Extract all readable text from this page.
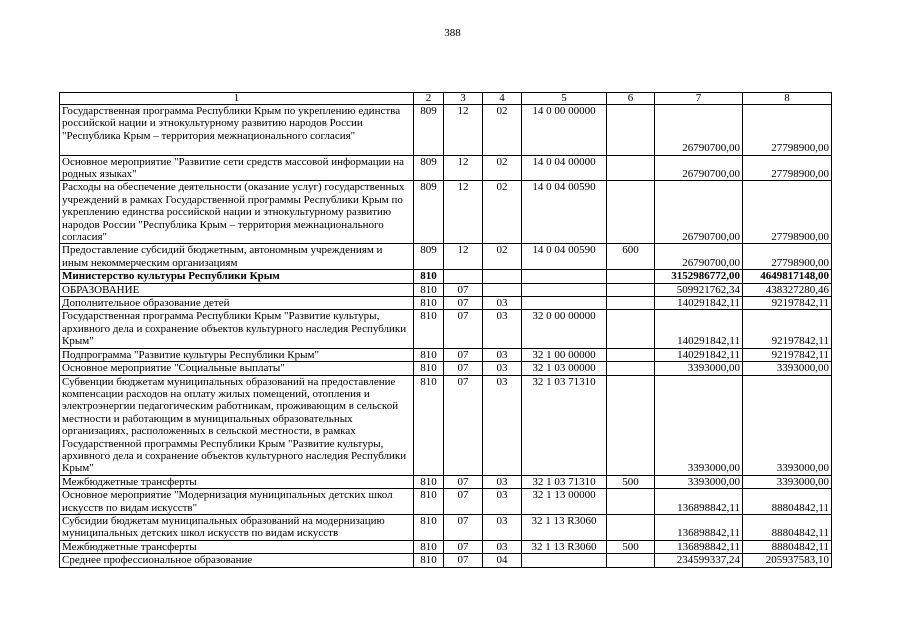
388
1	2	3	4	5	6	7	8
Государственная программа Республики Крым по укреплению единства российской нации и этнокультурному развитию народов России "Республика Крым – территория межнационального согласия"	809	12	02	14 0 00 00000		26790700,00	27798900,00
Основное мероприятие "Развитие сети средств массовой информации на родных языках"	809	12	02	14 0 04 00000		26790700,00	27798900,00
Расходы на обеспечение деятельности (оказание услуг) государственных учреждений в рамках Государственной программы Республики Крым по укреплению единства российской нации и этнокультурному развитию народов России "Республика Крым – территория межнационального согласия"	809	12	02	14 0 04 00590		26790700,00	27798900,00
Предоставление субсидий бюджетным, автономным учреждениям и иным некоммерческим организациям	809	12	02	14 0 04 00590	600	26790700,00	27798900,00
Министерство культуры Республики Крым	810					3152986772,00	4649817148,00
ОБРАЗОВАНИЕ	810	07				509921762,34	438327280,46
Дополнительное образование детей	810	07	03			140291842,11	92197842,11
Государственная программа Республики Крым "Развитие культуры, архивного дела и сохранение объектов культурного наследия Республики Крым"	810	07	03	32 0 00 00000		140291842,11	92197842,11
Подпрограмма "Развитие культуры Республики Крым"	810	07	03	32 1 00 00000		140291842,11	92197842,11
Основное мероприятие "Социальные выплаты"	810	07	03	32 1 03 00000		3393000,00	3393000,00
Субвенции бюджетам муниципальных образований на предоставление компенсации расходов на оплату жилых помещений, отопления и электроэнергии педагогическим работникам, проживающим в сельской местности и работающим в муниципальных образовательных организациях, расположенных в сельской местности, в рамках Государственной программы Республики Крым "Развитие культуры, архивного дела и сохранение объектов культурного наследия Республики Крым"	810	07	03	32 1 03 71310		3393000,00	3393000,00
Межбюджетные трансферты	810	07	03	32 1 03 71310	500	3393000,00	3393000,00
Основное мероприятие "Модернизация муниципальных детских школ искусств по видам искусств"	810	07	03	32 1 13 00000		136898842,11	88804842,11
Субсидии бюджетам муниципальных образований на модернизацию муниципальных детских школ искусств по видам искусств	810	07	03	32 1 13 R3060		136898842,11	88804842,11
Межбюджетные трансферты	810	07	03	32 1 13 R3060	500	136898842,11	88804842,11
Среднее профессиональное образование	810	07	04			234599337,24	205937583,10
